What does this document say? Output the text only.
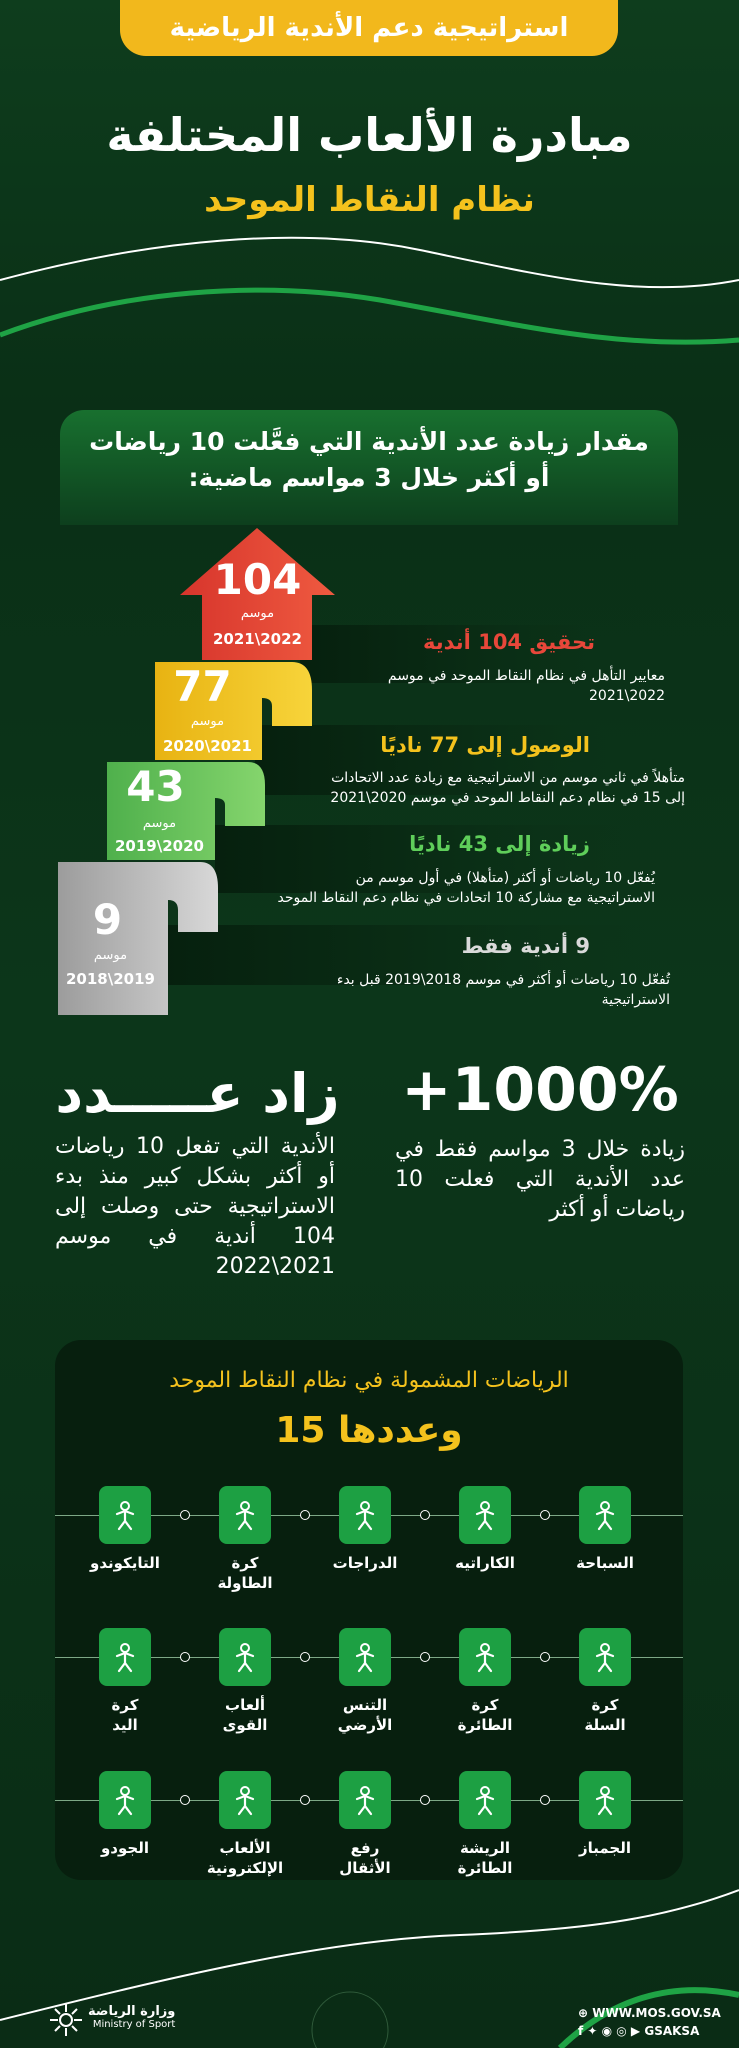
استراتيجية دعم الأندية الرياضية
مبادرة الألعاب المختلفة
نظام النقاط الموحد
مقدار زيادة عدد الأندية التي فعَّلت 10 رياضات
أو أكثر خلال 3 مواسم ماضية:
104
موسم
2022\2021
77
موسم
2021\2020
43
موسم
2020\2019
9
موسم
2019\2018
تحقيق 104 أندية
معايير التأهل في نظام النقاط الموحد في موسم
2022\2021
الوصول إلى 77 ناديًا
متأهلاً في ثاني موسم من الاستراتيجية مع زيادة عدد الاتحادات
إلى 15 في نظام دعم النقاط الموحد في موسم 2020\2021
زيادة إلى 43 ناديًا
يُفعّل 10 رياضات أو أكثر (متأهلا) في أول موسم من
الاستراتيجية مع مشاركة 10 اتحادات في نظام دعم النقاط الموحد
9 أندية فقط
تُفعّل 10 رياضات أو أكثر في موسم 2018\2019 قبل بدء
الاستراتيجية
+1000%
زيادة خلال 3 مواسم فقط في عدد الأندية التي فعلت 10 رياضات أو أكثر
زاد عـــــدد
الأندية التي تفعل 10 رياضات أو أكثر بشكل كبير منذ بدء الاستراتيجية حتى وصلت إلى 104 أندية في موسم 2021\2022
الرياضات المشمولة في نظام النقاط الموحد
وعددها 15
وزارة الرياضة
Ministry of Sport
⊕ WWW.MOS.GOV.SA
f ✦ ◉ ◎ ▶ GSAKSA
السباحة
الكاراتيه
الدراجات
كرة
الطاولة
التايكوندو
كرة
السلة
كرة
الطائرة
التنس
الأرضي
ألعاب
القوى
كرة
اليد
الجمباز
الريشة
الطائرة
رفع
الأثقال
الألعاب
الإلكترونية
الجودو
